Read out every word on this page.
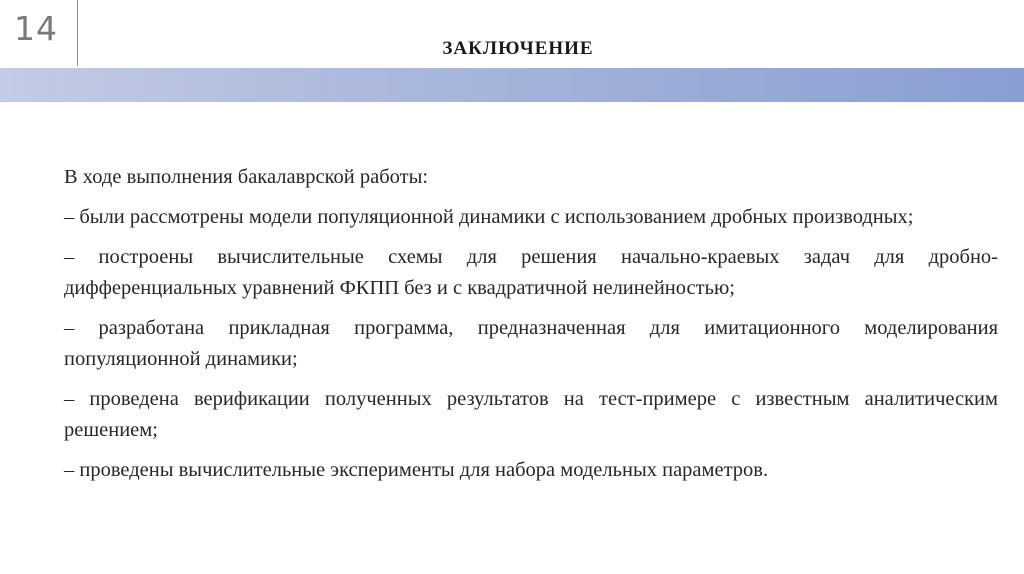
14
ЗАКЛЮЧЕНИЕ

В ходе выполнения бакалаврской работы:

– были рассмотрены модели популяционной динамики с использованием дробных производных;

– построены вычислительные схемы для решения начально-краевых задач для дробно-дифференциальных уравнений ФКПП без и с квадратичной нелинейностью;

– разработана прикладная программа, предназначенная для имитационного моделирования популяционной динамики;

– проведена верификации полученных результатов на тест-примере с известным аналитическим решением;

– проведены вычислительные эксперименты для набора модельных параметров.
